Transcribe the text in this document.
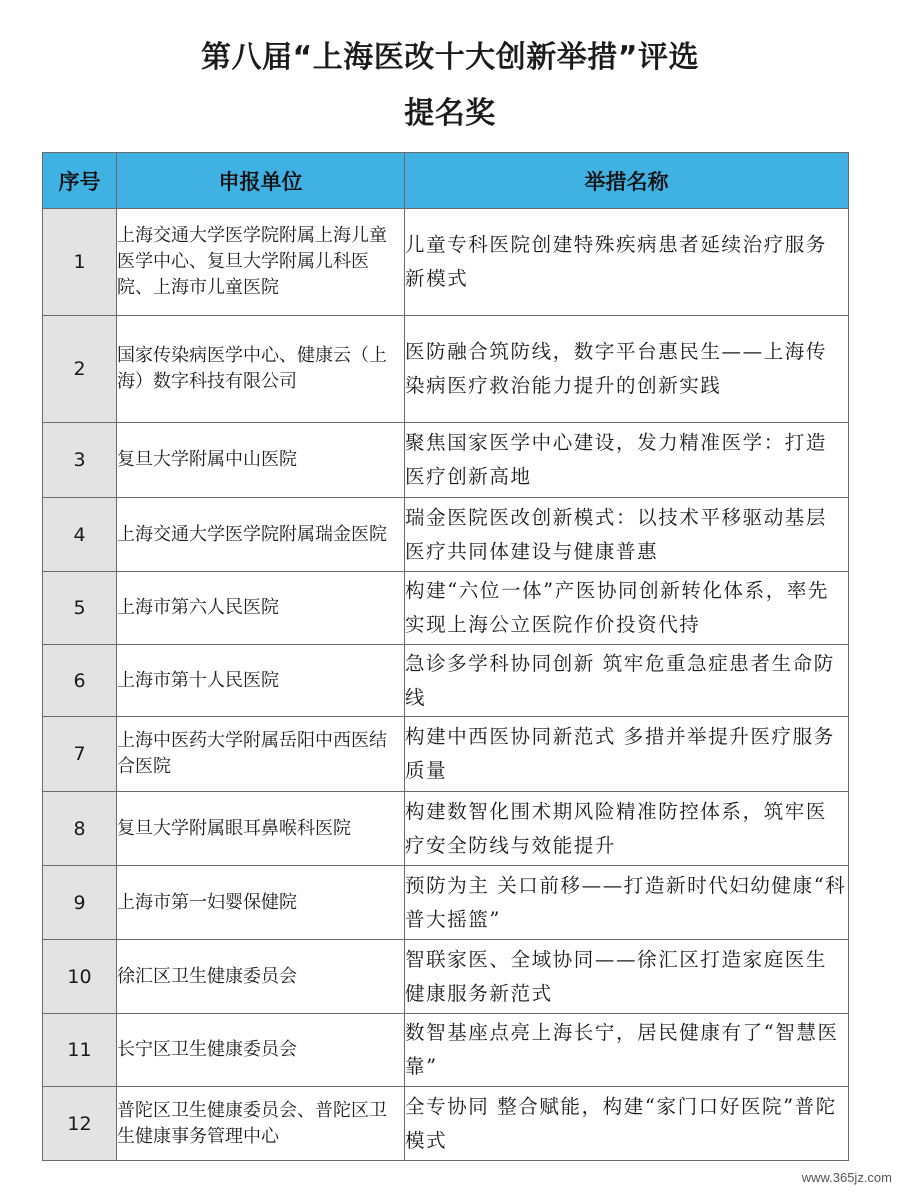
第八届“上海医改十大创新举措”评选
提名奖
序号	申报单位	举措名称
1	上海交通大学医学院附属上海儿童医学中心、复旦大学附属儿科医院、上海市儿童医院	儿童专科医院创建特殊疾病患者延续治疗服务新模式
2	国家传染病医学中心、健康云（上海）数字科技有限公司	医防融合筑防线，数字平台惠民生——上海传染病医疗救治能力提升的创新实践
3	复旦大学附属中山医院	聚焦国家医学中心建设，发力精准医学：打造医疗创新高地
4	上海交通大学医学院附属瑞金医院	瑞金医院医改创新模式：以技术平移驱动基层医疗共同体建设与健康普惠
5	上海市第六人民医院	构建“六位一体”产医协同创新转化体系，率先实现上海公立医院作价投资代持
6	上海市第十人民医院	急诊多学科协同创新 筑牢危重急症患者生命防线
7	上海中医药大学附属岳阳中西医结合医院	构建中西医协同新范式 多措并举提升医疗服务质量
8	复旦大学附属眼耳鼻喉科医院	构建数智化围术期风险精准防控体系，筑牢医疗安全防线与效能提升
9	上海市第一妇婴保健院	预防为主 关口前移——打造新时代妇幼健康“科普大摇篮”
10	徐汇区卫生健康委员会	智联家医、全域协同——徐汇区打造家庭医生健康服务新范式
11	长宁区卫生健康委员会	数智基座点亮上海长宁，居民健康有了“智慧医靠”
12	普陀区卫生健康委员会、普陀区卫生健康事务管理中心	全专协同 整合赋能，构建“家门口好医院”普陀模式
www.365jz.com
